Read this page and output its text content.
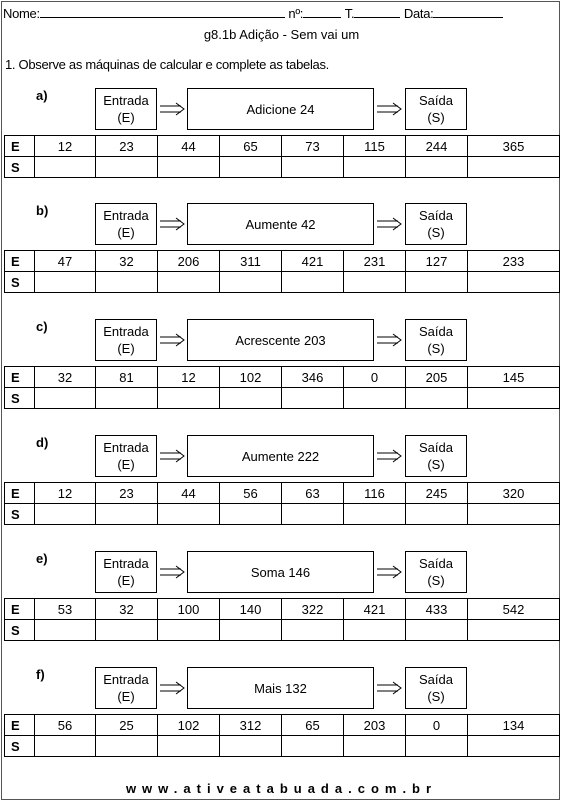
Nome:	nº:	T.	Data:
g8.1b Adição - Sem vai um
1. Observe as máquinas de calcular e complete as tabelas.
a)	Entrada
(E)
Adicione 24
Saída
(S)
E	12	23	44	65	73	115	244	365
S								
b)	Entrada
(E)
Aumente 42
Saída
(S)
E	47	32	206	311	421	231	127	233
S								
c)	Entrada
(E)
Acrescente 203
Saída
(S)
E	32	81	12	102	346	0	205	145
S								
d)	Entrada
(E)
Aumente 222
Saída
(S)
E	12	23	44	56	63	116	245	320
S								
e)	Entrada
(E)
Soma 146
Saída
(S)
E	53	32	100	140	322	421	433	542
S								
f)	Entrada
(E)
Mais 132
Saída
(S)
E	56	25	102	312	65	203	0	134
S								
www.ativeatabuada.com.br
